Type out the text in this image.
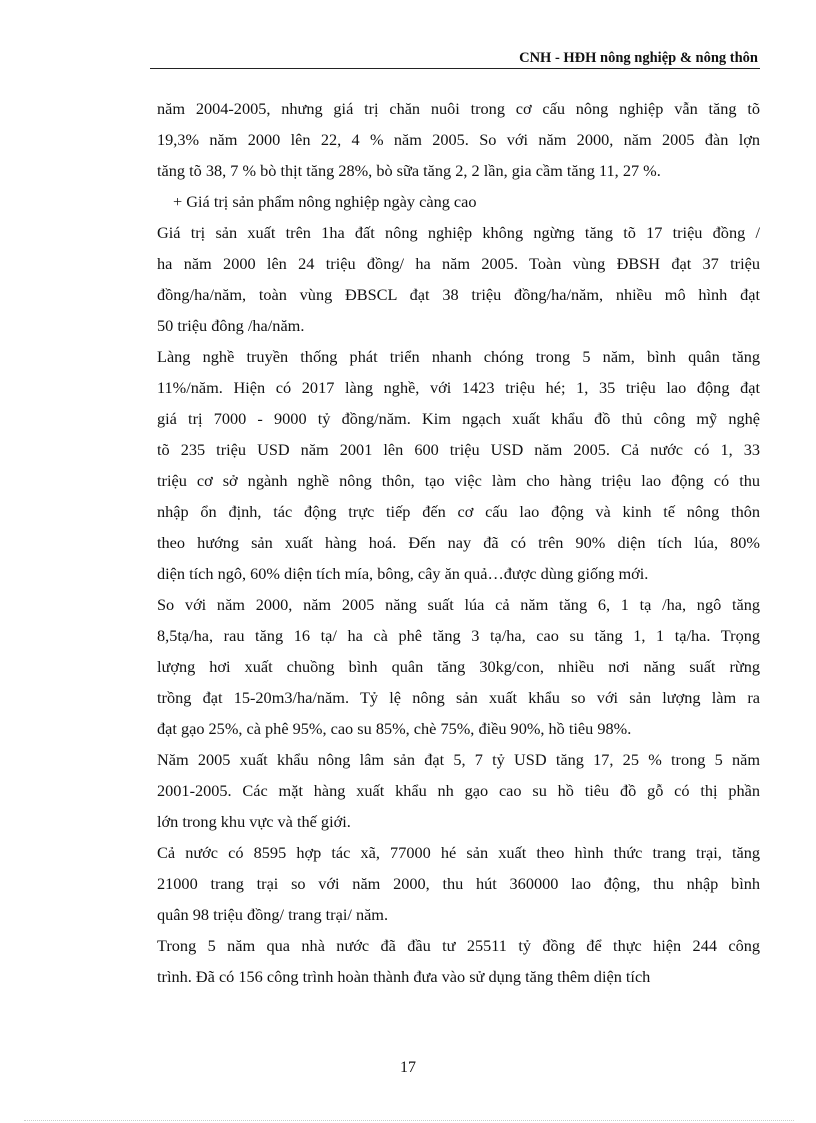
CNH - HĐH nông nghiệp & nông thôn

năm 2004-2005, nhưng giá trị chăn nuôi trong cơ cấu nông nghiệp vẫn tăng tõ

19,3% năm 2000 lên 22, 4 % năm 2005. So với năm 2000, năm 2005 đàn lợn

tăng tõ 38, 7 % bò thịt tăng 28%, bò sữa tăng 2, 2 lần, gia cầm tăng 11, 27 %.

+ Giá trị sản phẩm nông nghiệp ngày càng cao

Giá trị sản xuất trên 1ha đất nông nghiệp không ngừng tăng tõ 17 triệu đồng /

ha năm 2000 lên 24 triệu đồng/ ha năm 2005. Toàn vùng ĐBSH đạt 37 triệu

đồng/ha/năm, toàn vùng ĐBSCL đạt 38 triệu đồng/ha/năm, nhiều mô hình đạt

50 triệu đông /ha/năm.

Làng nghề truyền thống phát triển nhanh chóng trong 5 năm, bình quân tăng

11%/năm. Hiện có 2017 làng nghề, với 1423 triệu hé; 1, 35 triệu lao động đạt

giá trị 7000 - 9000 tỷ đồng/năm. Kim ngạch xuất khẩu đồ thủ công mỹ nghệ

tõ 235 triệu USD năm 2001 lên 600 triệu USD năm 2005. Cả nước có 1, 33

triệu cơ sở ngành nghề nông thôn, tạo việc làm cho hàng triệu lao động có thu

nhập ổn định, tác động trực tiếp đến cơ cấu lao động và kinh tế nông thôn

theo hướng sản xuất hàng hoá. Đến nay đã có trên 90% diện tích lúa, 80%

diện tích ngô, 60% diện tích mía, bông, cây ăn quả…được dùng giống mới.

So với năm 2000, năm 2005 năng suất lúa cả năm tăng 6, 1 tạ /ha, ngô tăng

8,5tạ/ha, rau tăng 16 tạ/ ha cà phê tăng 3 tạ/ha, cao su tăng 1, 1 tạ/ha. Trọng

lượng hơi xuất chuồng bình quân tăng 30kg/con, nhiều nơi năng suất rừng

trồng đạt 15-20m3/ha/năm. Tỷ lệ nông sản xuất khẩu so với sản lượng làm ra

đạt gạo 25%, cà phê 95%, cao su 85%, chè 75%, điều 90%, hồ tiêu 98%.

Năm 2005 xuất khẩu nông lâm sản đạt 5, 7 tỷ USD tăng 17, 25 % trong 5 năm

2001-2005. Các mặt hàng xuất khẩu nh gạo cao su hồ tiêu đồ gỗ có thị phần

lớn trong khu vực và thế giới.

Cả nước có 8595 hợp tác xã, 77000 hé sản xuất theo hình thức trang trại, tăng

21000 trang trại so với năm 2000, thu hút 360000 lao động, thu nhập bình

quân 98 triệu đồng/ trang trại/ năm.

Trong 5 năm qua nhà nước đã đầu tư 25511 tỷ đồng để thực hiện 244 công

trình. Đã có 156 công trình hoàn thành đưa vào sử dụng tăng thêm diện tích

17
